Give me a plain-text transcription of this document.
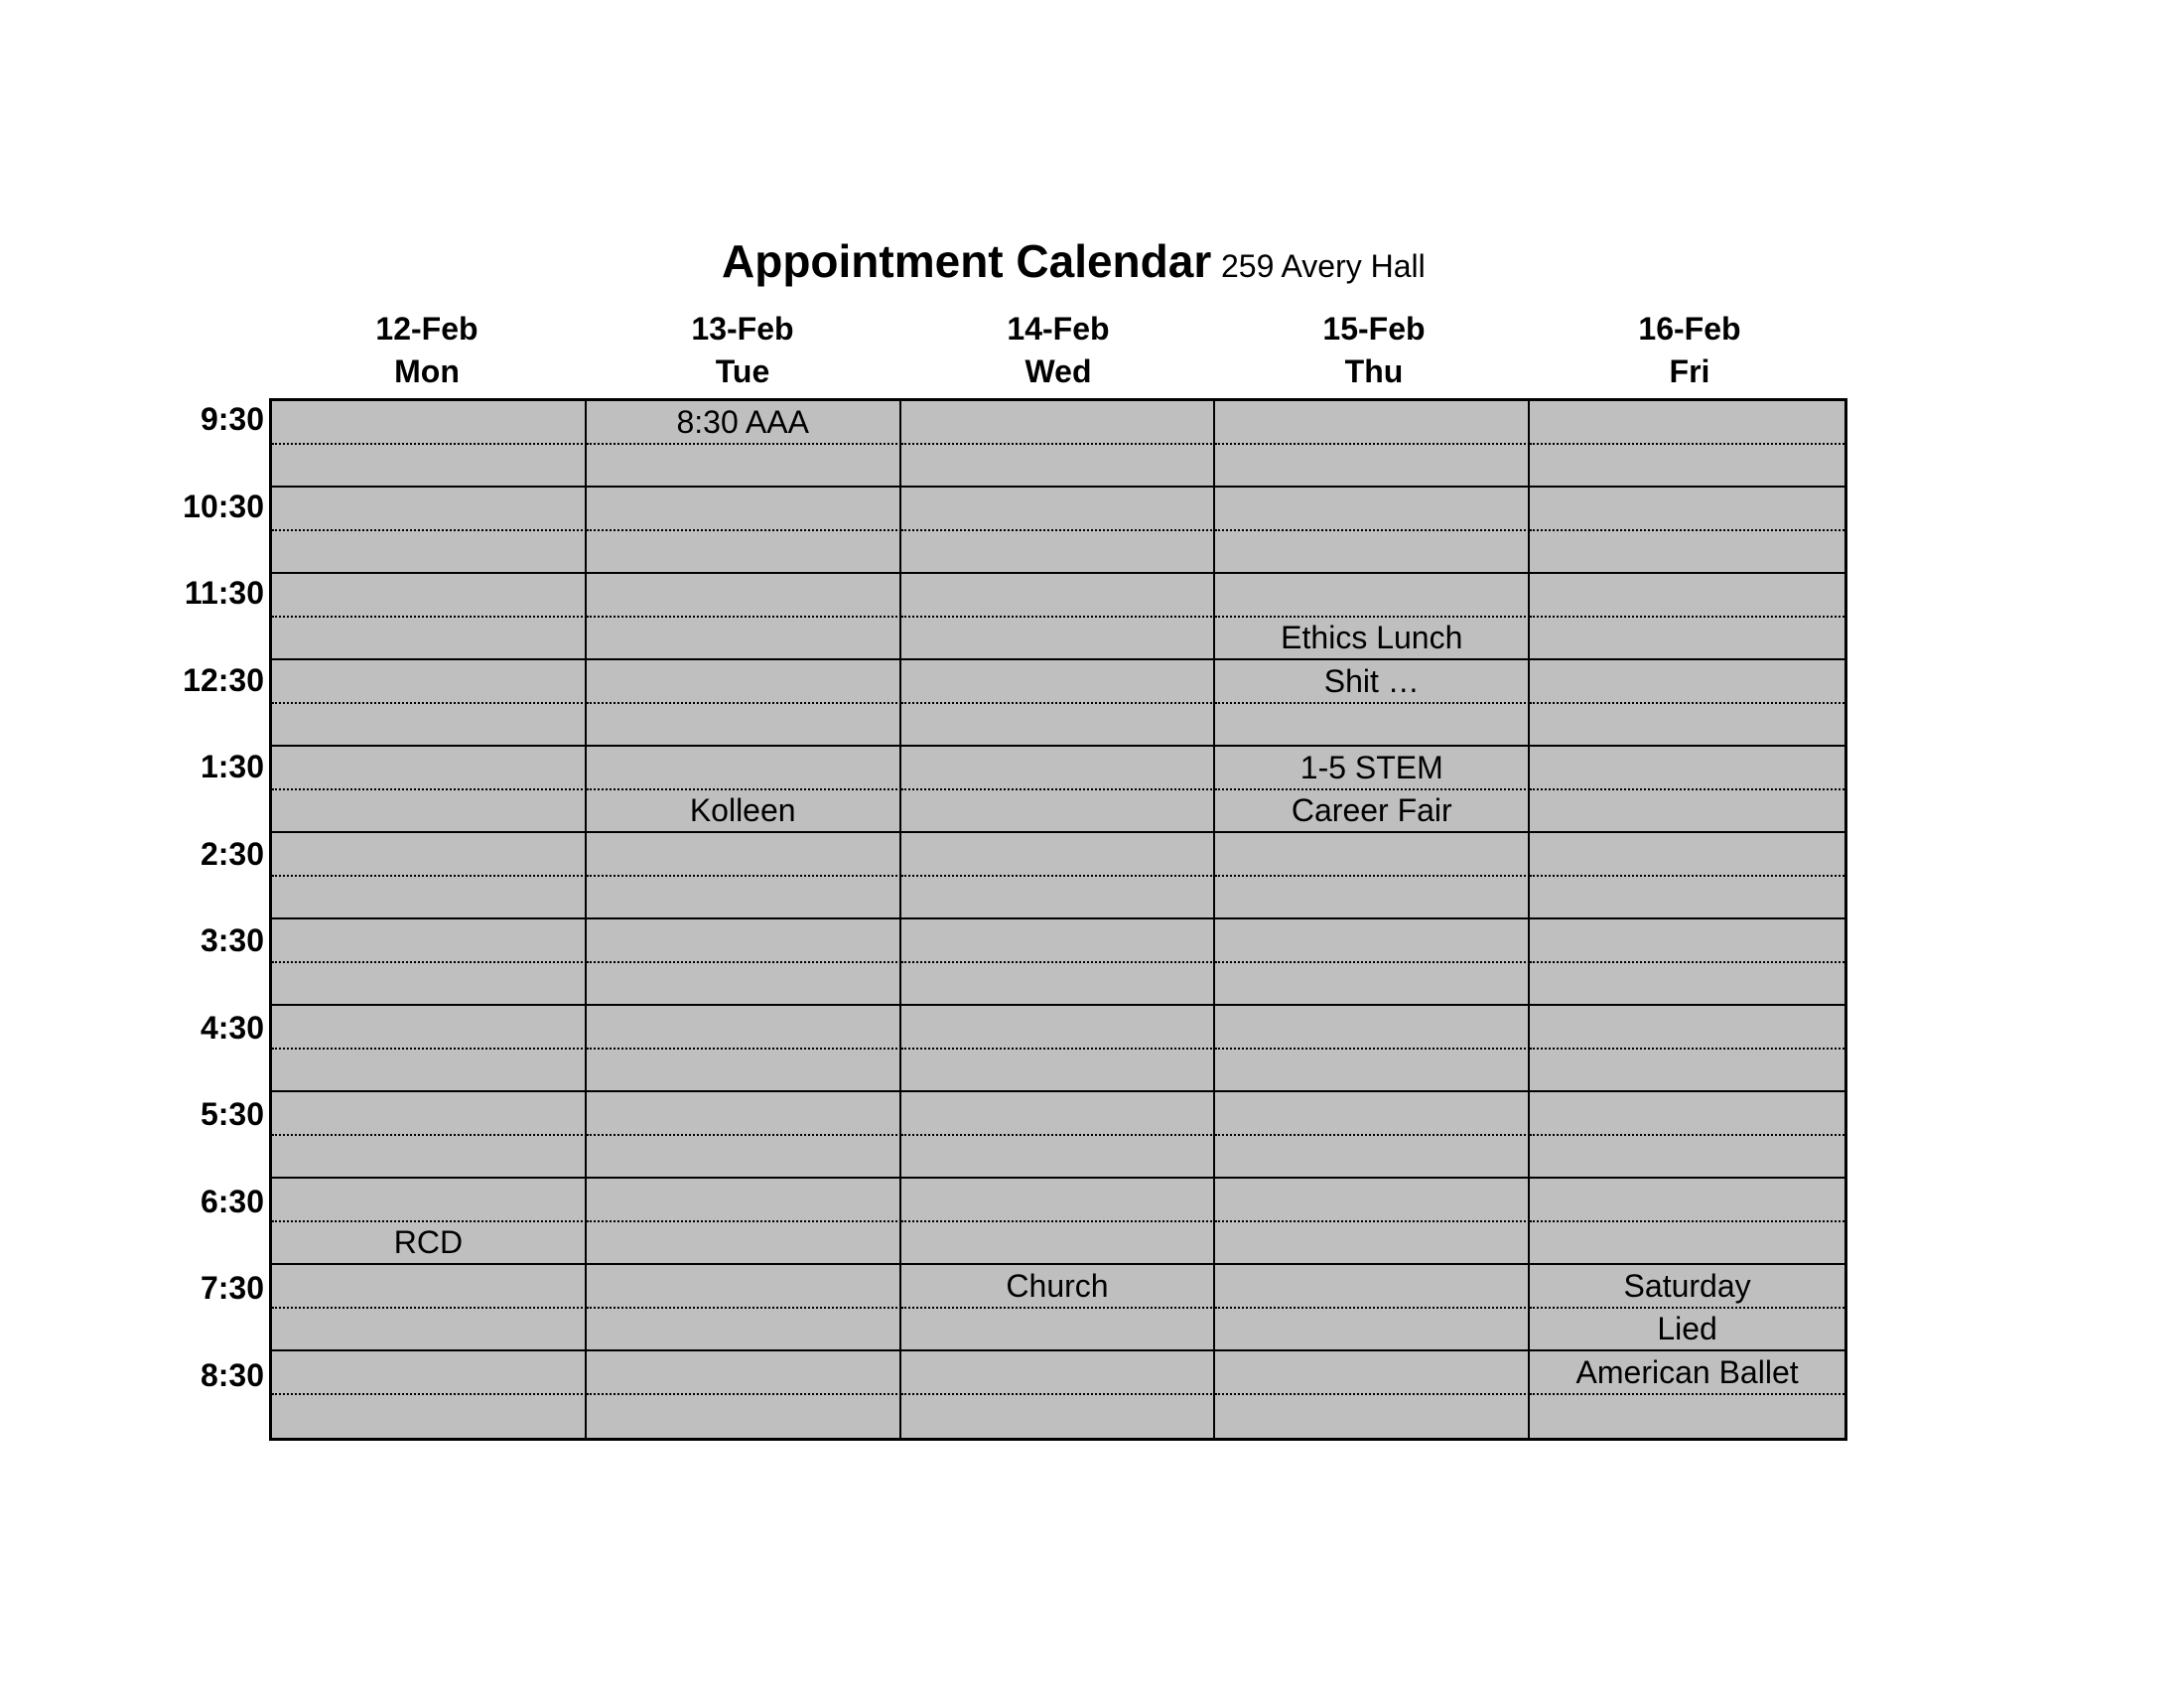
Appointment Calendar 259 Avery Hall
12-Feb
Mon
13-Feb
Tue
14-Feb
Wed
15-Feb
Thu
16-Feb
Fri
9:30
10:30
11:30
12:30
1:30
2:30
3:30
4:30
5:30
6:30
7:30
8:30
8:30 AAA
Ethics Lunch
Shit …
1-5 STEM
Kolleen	Career Fair
RCD
Church	Saturday
Lied
American Ballet
